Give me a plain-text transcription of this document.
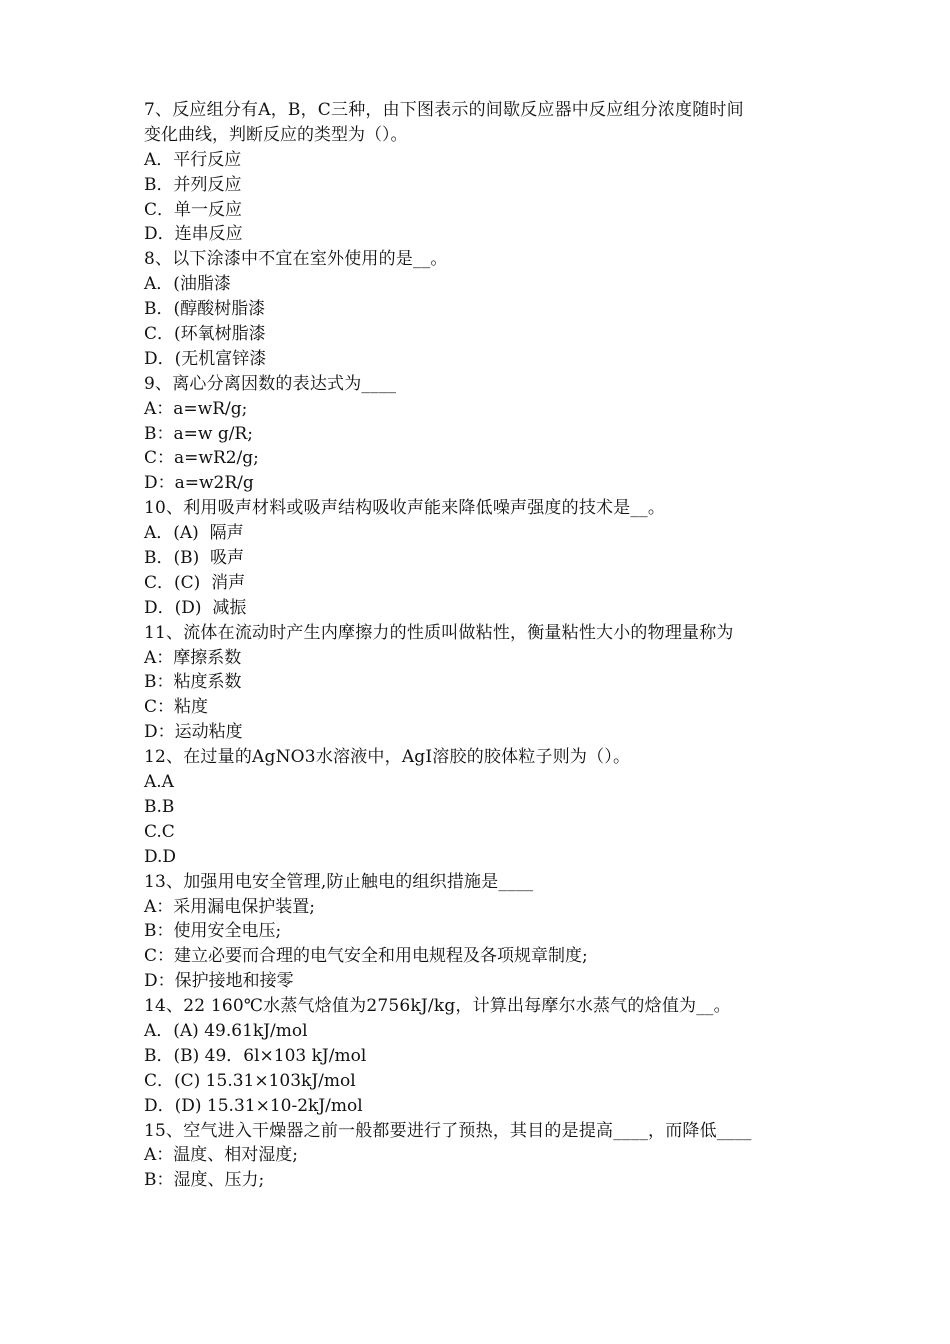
7、反应组分有A，B，C三种，由下图表示的间歇反应器中反应组分浓度随时间
变化曲线，判断反应的类型为（）。
A．平行反应
B．并列反应
C．单一反应
D．连串反应
8、以下涂漆中不宜在室外使用的是__。
A．(油脂漆
B．(醇酸树脂漆
C．(环氧树脂漆
D．(无机富锌漆
9、离心分离因数的表达式为____
A：a=wR/g;
B：a=w g/R;
C：a=wR2/g;
D：a=w2R/g
10、利用吸声材料或吸声结构吸收声能来降低噪声强度的技术是__。
A．(A)  隔声
B．(B)  吸声
C．(C)  消声
D．(D)  减振
11、流体在流动时产生内摩擦力的性质叫做粘性，衡量粘性大小的物理量称为
A：摩擦系数
B：粘度系数
C：粘度
D：运动粘度
12、在过量的AgNO3水溶液中，AgI溶胶的胶体粒子则为（）。
A.A
B.B
C.C
D.D
13、加强用电安全管理,防止触电的组织措施是____
A：采用漏电保护装置;
B：使用安全电压;
C：建立必要而合理的电气安全和用电规程及各项规章制度;
D：保护接地和接零
14、22 160℃水蒸气焓值为2756kJ/kg，计算出每摩尔水蒸气的焓值为__。
A．(A) 49.61kJ/mol
B．(B) 49．6l×103 kJ/mol
C．(C) 15.31×103kJ/mol
D．(D) 15.31×10-2kJ/mol
15、空气进入干燥器之前一般都要进行了预热，其目的是提高____，而降低____
A：温度、相对湿度;
B：湿度、压力;
